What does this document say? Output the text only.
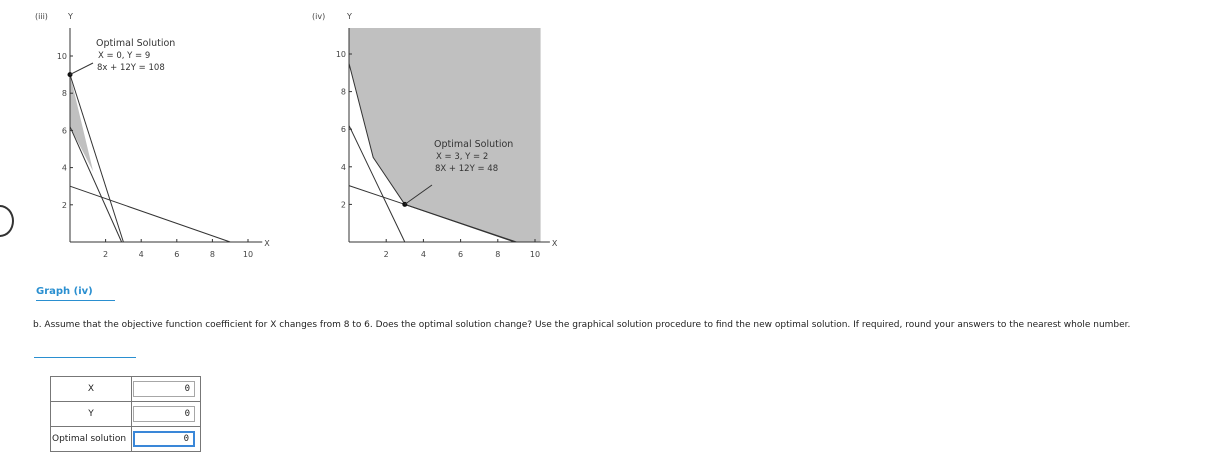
2	4	6	8	10
2
4
6
8
10
(iii)	Y
X
Optimal Solution
X = 0, Y = 9
8x + 12Y = 108
2	4	6	8	10
2
4
6
8
10
(iv)	Y
X
Optimal Solution
X = 3, Y = 2
8X + 12Y = 48
Graph (iv)
b. Assume that the objective function coefficient for X changes from 8 to 6. Does the optimal solution change? Use the graphical solution procedure to find the new optimal solution. If required, round your answers to the nearest whole number.
X	0
Y	0
Optimal solution	0
